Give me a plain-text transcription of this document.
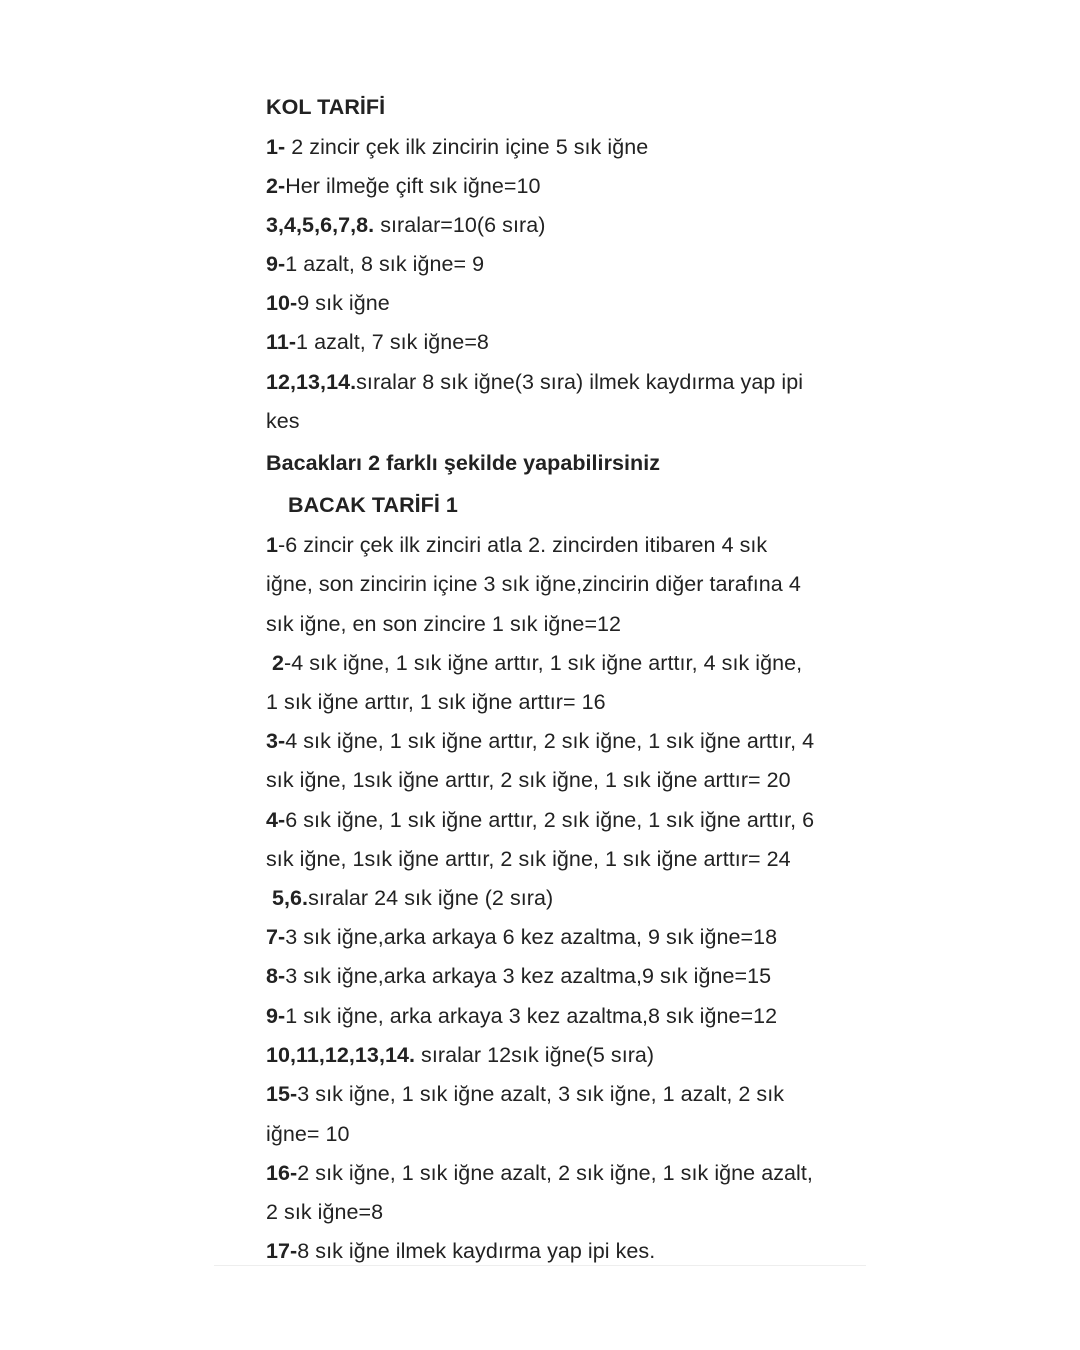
KOL TARİFİ
1- 2 zincir çek ilk zincirin içine 5 sık iğne
2-Her ilmeğe çift sık iğne=10
3,4,5,6,7,8. sıralar=10(6 sıra)
9-1 azalt, 8 sık iğne= 9
10-9 sık iğne
11-1 azalt, 7 sık iğne=8
12,13,14.sıralar 8 sık iğne(3 sıra) ilmek kaydırma yap ipi
kes
Bacakları 2 farklı şekilde yapabilirsiniz
BACAK TARİFİ 1
1-6 zincir çek ilk zinciri atla 2. zincirden itibaren 4 sık
iğne, son zincirin içine 3 sık iğne,zincirin diğer tarafına 4
sık iğne, en son zincire 1 sık iğne=12
2-4 sık iğne, 1 sık iğne arttır, 1 sık iğne arttır, 4 sık iğne,
1 sık iğne arttır, 1 sık iğne arttır= 16
3-4 sık iğne, 1 sık iğne arttır, 2 sık iğne, 1 sık iğne arttır, 4
sık iğne, 1sık iğne arttır, 2 sık iğne, 1 sık iğne arttır= 20
4-6 sık iğne, 1 sık iğne arttır, 2 sık iğne, 1 sık iğne arttır, 6
sık iğne, 1sık iğne arttır, 2 sık iğne, 1 sık iğne arttır= 24
5,6.sıralar 24 sık iğne (2 sıra)
7-3 sık iğne,arka arkaya 6 kez azaltma, 9 sık iğne=18
8-3 sık iğne,arka arkaya 3 kez azaltma,9 sık iğne=15
9-1 sık iğne, arka arkaya 3 kez azaltma,8 sık iğne=12
10,11,12,13,14. sıralar 12sık iğne(5 sıra)
15-3 sık iğne, 1 sık iğne azalt, 3 sık iğne, 1 azalt, 2 sık
iğne= 10
16-2 sık iğne, 1 sık iğne azalt, 2 sık iğne, 1 sık iğne azalt,
2 sık iğne=8
17-8 sık iğne ilmek kaydırma yap ipi kes.
